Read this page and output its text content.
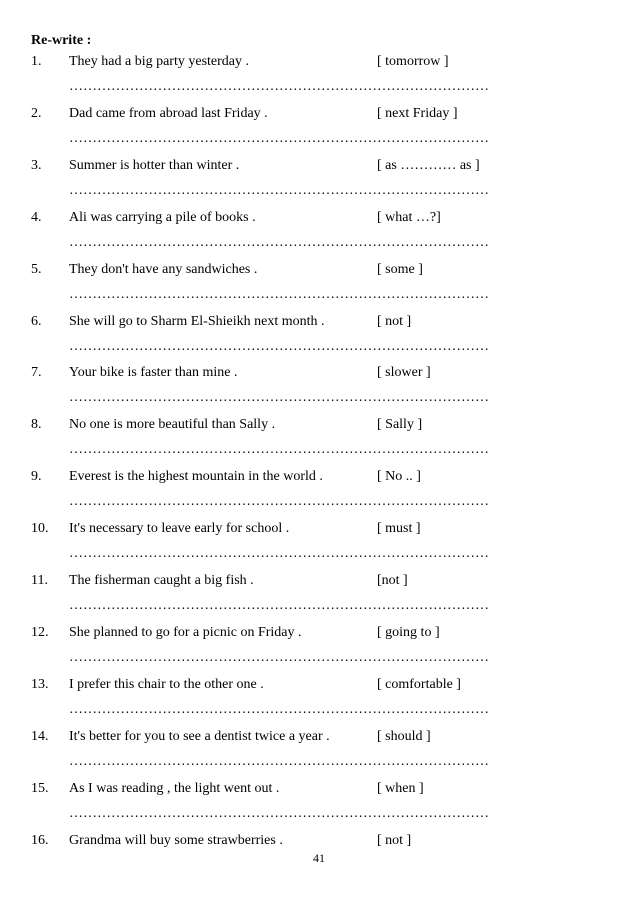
Re-write :
1. They had a big party yesterday .	[ tomorrow ]
………………………………………………………………………………
2. Dad came from abroad last Friday .	[ next Friday ]
………………………………………………………………………………
3. Summer is hotter than winter .	[ as ………… as ]
………………………………………………………………………………
4. Ali was carrying a pile of books .	[ what …?]
………………………………………………………………………………
5. They don't have any sandwiches .	[ some ]
………………………………………………………………………………
6. She will go to Sharm El-Shieikh next month .	[ not ]
………………………………………………………………………………
7. Your bike is faster than mine .	[ slower ]
………………………………………………………………………………
8. No one is more beautiful than Sally .	[ Sally ]
………………………………………………………………………………
9. Everest is the highest mountain in the world .	[ No .. ]
………………………………………………………………………………
10. It's necessary to leave early for school .	[ must ]
………………………………………………………………………………
11. The fisherman caught a big fish .	[not ]
………………………………………………………………………………
12. She planned to go for a picnic on Friday .	[ going to ]
………………………………………………………………………………
13. I prefer this chair to the other one .	[ comfortable ]
………………………………………………………………………………
14. It's better for you to see a dentist twice a year .	[ should ]
………………………………………………………………………………
15. As I was reading , the light went out .	[ when ]
………………………………………………………………………………
16. Grandma will buy some strawberries .	[ not ]
41
